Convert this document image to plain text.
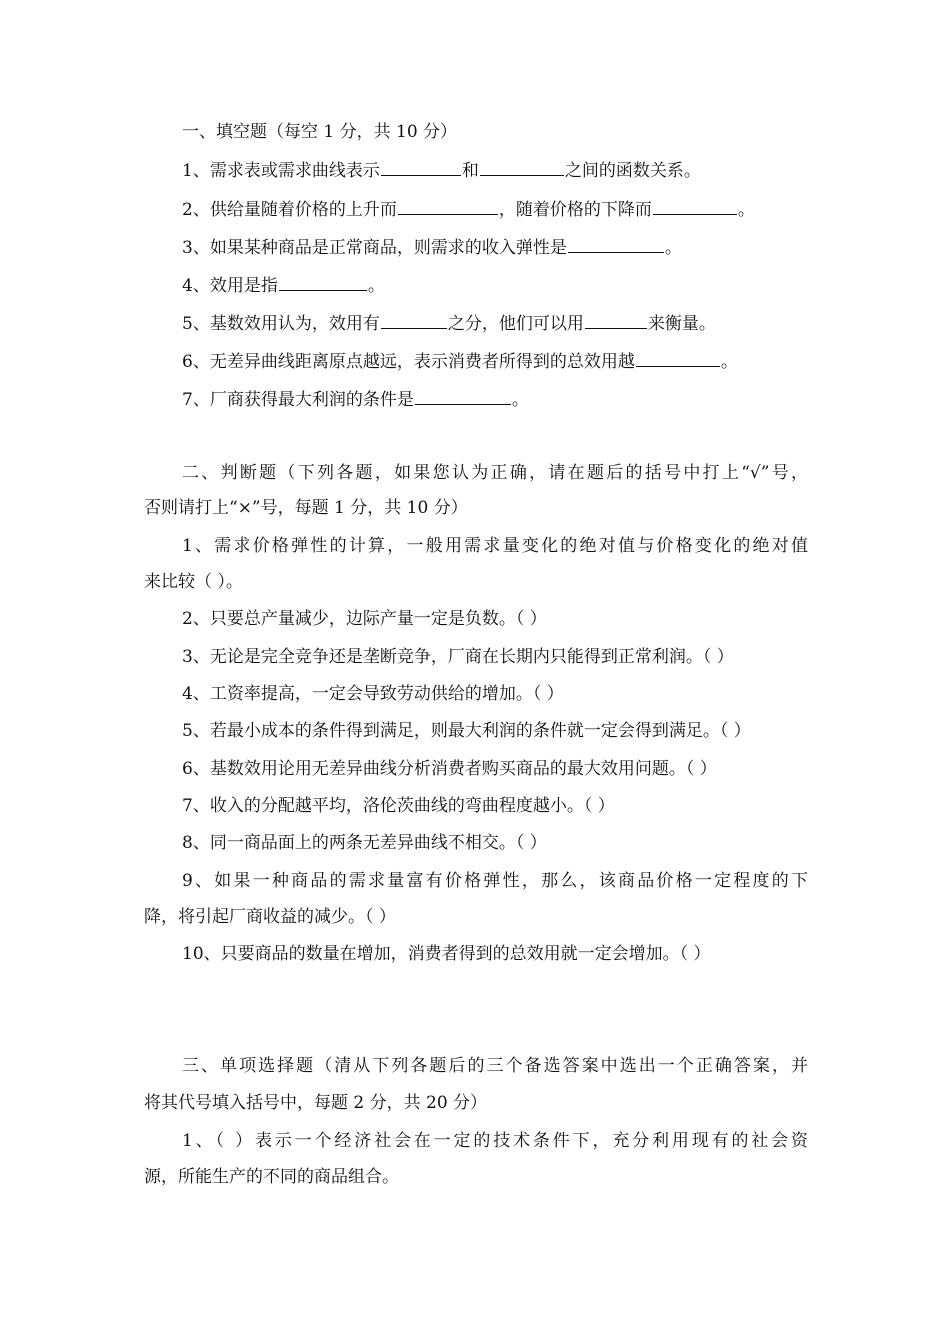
一、填空题（每空 1 分，共 10 分）
1、需求表或需求曲线表示	和	之间的函数关系。
2、供给量随着价格的上升而	，随着价格的下降而	。
3、如果某种商品是正常商品，则需求的收入弹性是	。
4、效用是指	。
5、基数效用认为，效用有	之分，他们可以用	来衡量。
6、无差异曲线距离原点越远，表示消费者所得到的总效用越	。
7、厂商获得最大利润的条件是	。
二、判断题（下列各题，如果您认为正确，请在题后的括号中打上“√”号，
否则请打上“×”号，每题 1 分，共 10 分）
1、需求价格弹性的计算，一般用需求量变化的绝对值与价格变化的绝对值
来比较（ ）。
2、只要总产量减少，边际产量一定是负数。（ ）
3、无论是完全竞争还是垄断竞争，厂商在长期内只能得到正常利润。（ ）
4、工资率提高，一定会导致劳动供给的增加。（ ）
5、若最小成本的条件得到满足，则最大利润的条件就一定会得到满足。（ ）
6、基数效用论用无差异曲线分析消费者购买商品的最大效用问题。（ ）
7、收入的分配越平均，洛伦茨曲线的弯曲程度越小。（ ）
8、同一商品面上的两条无差异曲线不相交。（ ）
9、如果一种商品的需求量富有价格弹性，那么，该商品价格一定程度的下
降，将引起厂商收益的减少。（ ）
10、只要商品的数量在增加，消费者得到的总效用就一定会增加。（ ）
三、单项选择题（清从下列各题后的三个备选答案中选出一个正确答案，并
将其代号填入括号中，每题 2 分，共 20 分）
1、（ ）表示一个经济社会在一定的技术条件下，充分利用现有的社会资
源，所能生产的不同的商品组合。
